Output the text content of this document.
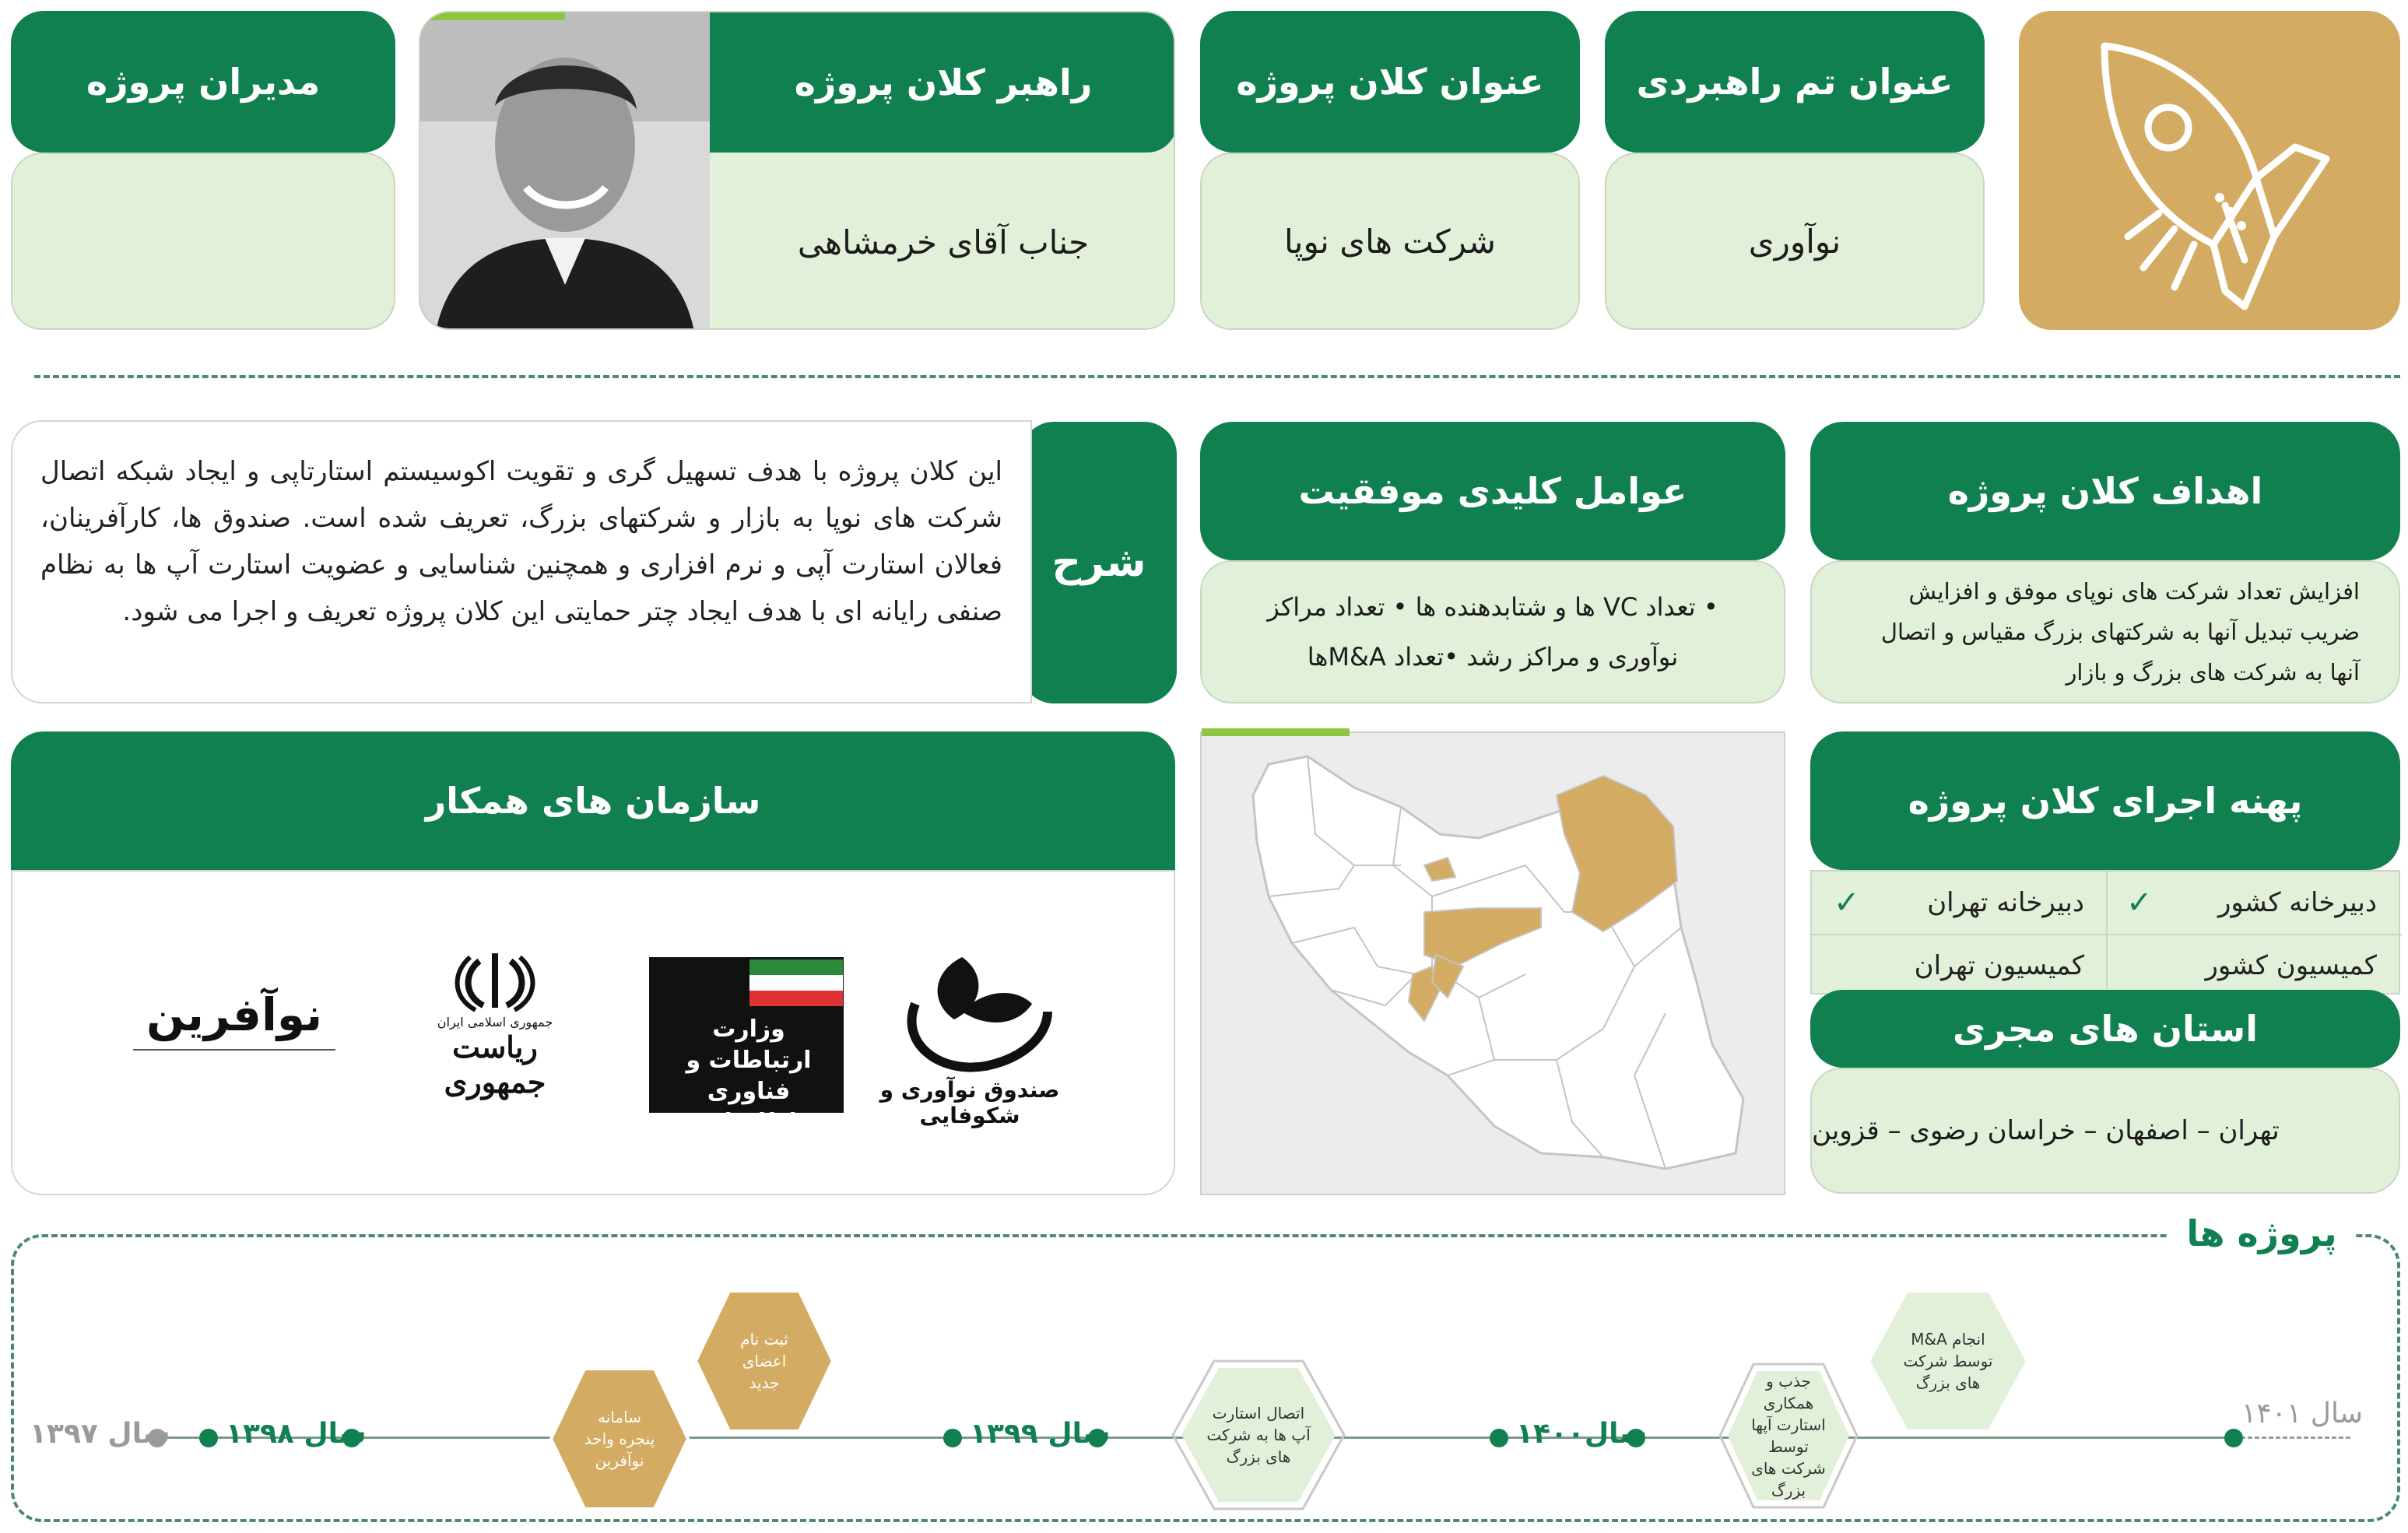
عنوان تم راهبردی
نوآوری
عنوان کلان پروژه
شرکت های نوپا
راهبر کلان پروژه
جناب آقای خرمشاهی
مدیران پروژه
اهداف کلان پروژه
افزایش تعداد شرکت های نوپای موفق و افزایش ضریب تبدیل آنها به شرکتهای بزرگ مقیاس و اتصال آنها به شرکت های بزرگ و بازار
عوامل کلیدی موفقیت
• تعداد VC ها و شتابدهنده ها • تعداد مراکز
نوآوری و مراکز رشد •تعداد M&Aها
شرح
این کلان پروژه با هدف تسهیل گری و تقویت اکوسیستم استارتاپی و ایجاد شبکه اتصال شرکت های نوپا به بازار و شرکتهای بزرگ، تعریف شده است. صندوق ها، کارآفرینان، فعالان استارت آپی و نرم افزاری و همچنین شناسایی و عضویت استارت آپ ها به نظام صنفی رایانه ای با هدف ایجاد چتر حمایتی این کلان پروژه تعریف و اجرا می شود.
پهنه اجرای کلان پروژه
دبیرخانه کشور
✓
دبیرخانه تهران
✓
کمیسیون کشور
کمیسیون تهران
استان های مجری
تهران – اصفهان – خراسان رضوی – قزوین
سازمان های همکار
صندوق نوآوری و شکوفایی
وزارت ارتباطات و فناوری اطلاعات
جمهوری اسلامی ایران
ریاست جمهوری
نوآفرین
پروژه ها
سال ۱۳۹۷ سال ۱۳۹۸	سال ۱۳۹۹	سال۱۴۰۰
سال ۱۴۰۱
سامانه پنجره واحد نوآفرین
ثبت نام اعضای جدید
اتصال استارت آپ ها به شرکت های بزرگ
جذب و همکاری استارت آپها توسط شرکت های بزرگ
انجام M&A توسط شرکت های بزرگ
